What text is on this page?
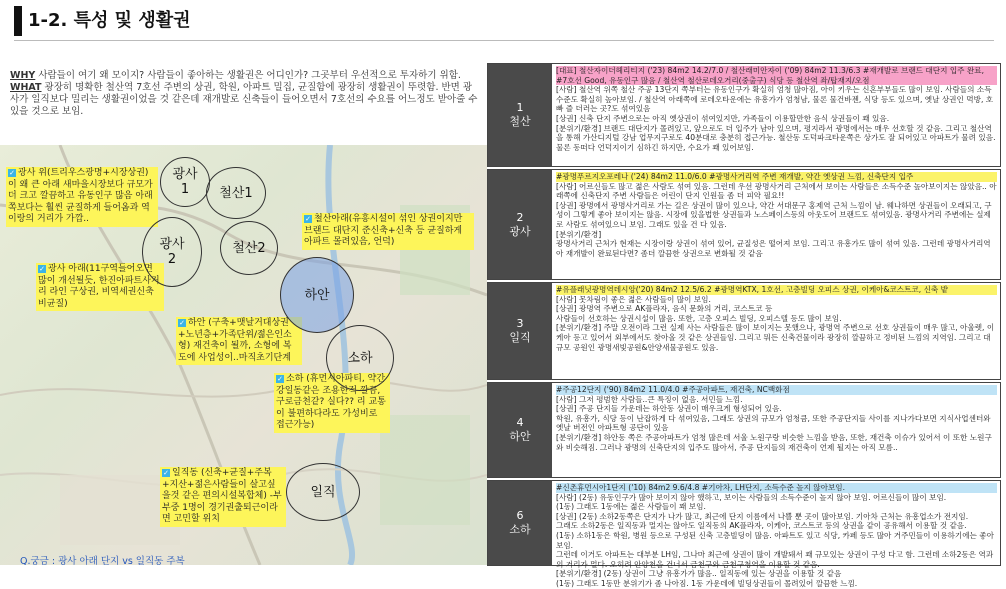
1-2. 특성 및 생활권
WHY 사람들이 여기 왜 모이지? 사람들이 좋아하는 생활권은 어디인가? 그곳부터 우선적으로 투자하기 위함.
WHAT 광장히 명확한 철산역 7호선 주변의 상권, 학원, 아파트 밀집, 균질함에 광장히 생활권이 뚜렷함. 반면 광사가 일직보다 밀리는 생활권이었을 것 같은데 재개발로 신축들이 들어오면서 7호선의 수요를 어느정도 받아줄 수 있을 것으로 보임.
✓ 광사 위(트리우스광명+시장상권)이 왜 큰 아래 새마을시장보다 규모가 더 크고 깔끔하고 유동인구 많음 아래쪽보다는 훨씬 균질하게 들어옴과 역이랑의 거리가 가깝..	✓ 철산아래(유흥시설이 섞인 상권이지만 브랜드 대단지 준신축+신축 등 균질하게 아파트 몰려있음, 언덕)
✓ 광사 아래(11구역들어오면 많이 개선될듯, 한진아파트사거리 라인 구상권, 비역세권신축 비균질)
✓ 하안 (구축+맷날거대상권+노년층+가족단위/젊은인소형) 재건축이 될까, 소형에 복도에 사업성이..마직초기단계
✓ 소하 (휴먼시아파티, 약간 강일동같은 조용한적 깔끔, 구로금천같? 실다?? 리 교통이 불편하다라도 가성비로 접근가능)
✓ 일직동 (신축+균질+주복+지산+젊은사람들이 살고싶을것 같은 편의시설복합체) -부부중 1명이 경기권출퇴근이라면 고민할 위치
광사
1	철산1
광사
2
철산2
하안
소하
일직
Q.궁금 : 광사 아래 단지 vs 일직동 주복
1
철산
[대표] 철산자이더헤리티지 ('23) 84m2 14.2/7.0 / 철산래미안자이 ('09) 84m2 11.3/6.3 #재개발로 브랜드 대단지 입주 완료, #7호선 Good, 유동인구 많음 / 철산역 철산로데오거리(중출구) 식당 등 철산역 좌/탑재지/오점
[사람] 철산역 위쪽 철산 주공 13단지 쪽부터는 유동인구가 확실히 엄청 많아짐, 아이 키우는 신혼부부들도 많이 보임. 사람들의 소득수준도 확실히 높아보임. / 철산역 아래쪽에 로데오타운에는 유흥가가 엄청남, 물론 물건바젠, 식당 등도 있으며, 옛날 상권인 먹방, 호빠 즐 더러는 곳?도 섞여있음
[상권] 신축 단지 주변으로는 아직 옛상권이 섞여있지만, 가족들이 이용할만한 음식 상권들이 꽤 있음.
[분위기/환경] 브랜드 대단지가 몰려있고, 앞으로도 더 입주가 남아 있으며, 평지라서 광명에서는 매우 선호할 것 같음. 그리고 철산역을 통해 가산디지털 강남 업무지구로도 40분대로 충분히 접근가능. 철산동 도덕파크타운쪽은 상가도 잘 되어있고 아파트가 물려 있음. 물론 동떠다 언덕지이기 심하긴 하지만, 수요가 꽤 있어보임.
2
광사
#광명푸르지오포레나 ('24) 84m2 11.0/6.0 #광명사거리역 주변 재개발, 약간 옛상권 느낌, 신축단지 입주
[사람] 어르신들도 많고 젊은 사람도 섞여 있음. 그런데 우선 광명사거리 근처에서 보이는 사람들은 소득수준 높아보이지는 않았음.. 아래쪽에 신축단지 주변 사람들은 어린이 단지 인원들 좀 더 피악 필요!!
[상권] 광명에서 광명사거리로 가는 길은 상권이 많이 있으나, 약간 서대문구 홍제역 근처 느낌이 남. 웨나하면 상권들이 오래되고, 구성이 그렇게 좋아 보이지는 않음. 시장에 있을법한 상권들과 노스페이스등의 아웃도어 브랜드도 섞여있음. 광명사거리 주변에는 실제로 사람도 섞여있으니 보임. 그래도 있을 건 다 있음.
[분위기/환경]
광명사거리 근처가 현재는 시장이랑 상권이 섞여 있어, 균질성은 떨어져 보임. 그리고 유흥가도 많이 섞여 있음. 그런데 광명사거리역 아 재개발이 완료된다면? 좀더 깔끔한 상권으로 변화될 것 같음
3
일직
#유플래닛광명역데시앙('20) 84m2 12.5/6.2 #광명역KTX, 1호선, 고층빌딩 오피스 상권, 이케아&코스트코, 신축 밭
[사람] 못차림이 좋은 젊은 사람들이 많이 보임.
[상권] 광명역 주변으로 AK플라자, 음식 문화의 거리, 코스트코 등
사람들이 선호하는 상권시설이 많음. 또한, 고층 오피스 빌딩, 오피스텔 등도 많이 보임.
[분위기/환경] 주말 오전이라 그런 실제 사는 사람들은 많이 보이지는 못했으나, 광명역 주변으로 선호 상권들이 매우 많고, 아울렛, 이케아 등고 있어서 외부에서도 찾아올 것 같은 상권들임. 그리고 뭐든 신축건물이라 광장히 깔끔하고 정비된 느낌의 지역임. 그리고 대규모 공원인 광명새빛공원&안양새물공원도 있음.
4
하안
#주공12단지 ('90) 84m2 11.0/4.0 #주공아파트, 재건축, NC백화점
[사람] 그저 평범한 사람들..큰 특징이 없음. 서민들 느낌.
[상권] 주공 단지들 가운데는 하안동 상권이 매우크게 형성되어 있음.
학원, 유흥가, 식당 등이 난잡하게 다 섞여있음, 그래도 상권의 규모가 엄청큼, 또한 주공단지들 사이를 지나가다보면 지식사업센터와 옛날 버전인 아파트형 공단이 있음
[분위기/환경] 하안동 쪽은 주공아파트가 엄청 많은데 서울 노원구랑 비슷한 느낌을 받음, 또한, 재건축 이슈가 있어서 이 또한 노원구와 비슷해짐. 그러나 광명의 신축단지의 입주도 많아서, 주공 단지들의 재건축이 언제 될지는 아직 모름..
6
소하
#신촌휴먼시아1단지 ('10) 84m2 9.6/4.8 #기아차, LH단지, 소득수준 높지 않아보임.
[사람] (2동) 유동인구가 많아 보이지 않아 했하고, 보이는 사람들의 소득수준이 높지 않아 보임. 어르신들이 많이 보임.
(1동) 그래도 1동에는 젊은 사람들이 꽤 보임.
[상권] (2동) 소하2동쪽은 단지가 나가 많고, 최근에 단지 이름에서 나쁠 뿐 곳이 많아보임. 기아차 근처는 유흥업소가 전지임.
그래도 소하2동은 일직동과 멀지는 않아도 일직동의 AK플라자, 이케아, 코스트코 등의 상권을 같이 공유해서 이용할 것 같음.
(1동) 소하1동은 학원, 병원 등으로 구성된 신축 고층빌딩이 많음. 아파트도 있고 식당, 카페 등도 많아 거주민들이 이용하기에는 좋아보임.
그런데 이거도 아파트는 대부분 LH임, 그나마 최근에 상권이 많이 개발돼서 꽤 규모있는 상권이 구성 다고 함. 그런데 소하2동은 역과의 거리가 멀다. 오히려 안양천을 건너서 금천구와 금천구청역을 이용할 것 같음.
[분위기/환경] (2동) 상권이 그냥 유흥가가 많음.. 일직동에 있는 상권을 이용할 것 같음
(1동) 그래도 1동만 분위기가 좀 나아짐. 1동 가운데에 빌딩상권들이 몰려있어 깔끔한 느낌.
